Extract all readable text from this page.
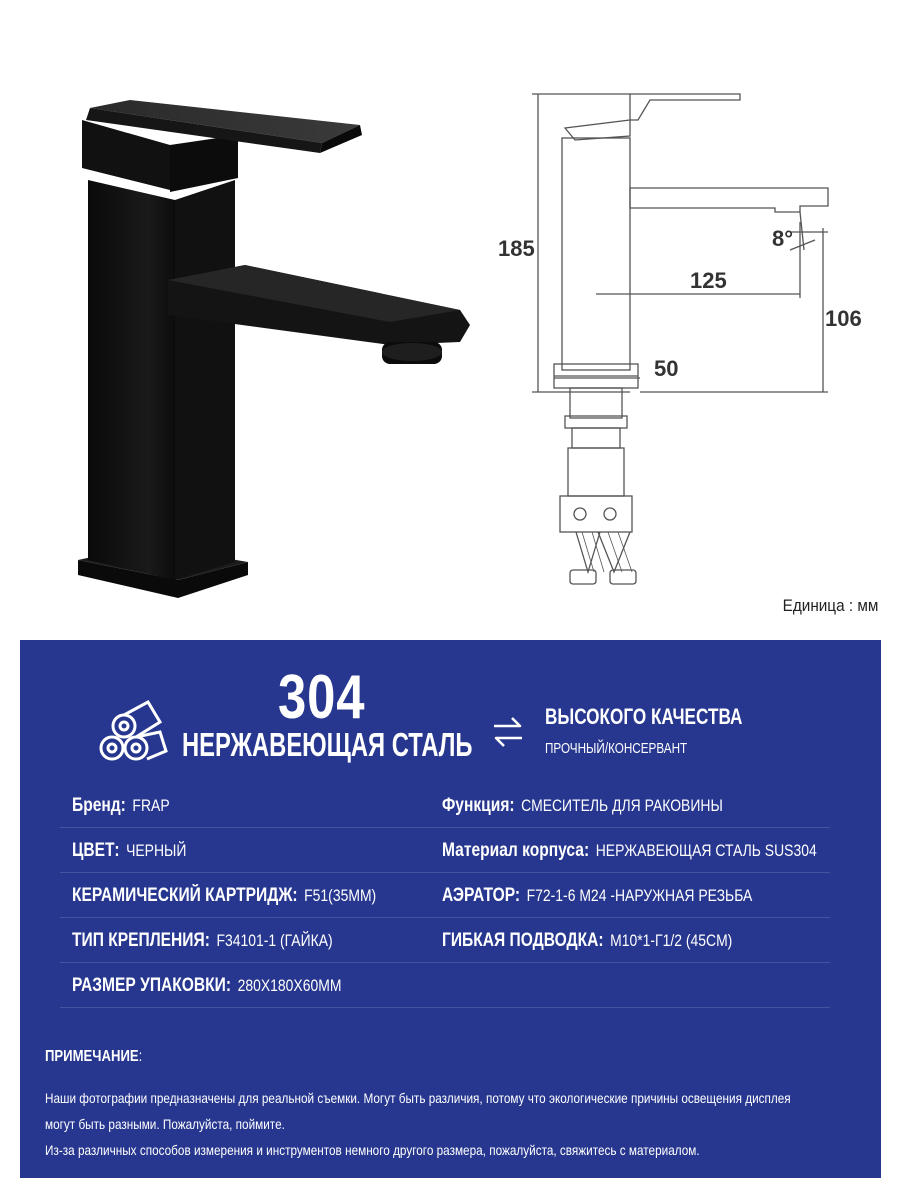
185
125
106
50
8°
Единица : мм
304
НЕРЖАВЕЮЩАЯ СТАЛЬ
ВЫСОКОГО КАЧЕСТВА
ПРОЧНЫЙ/КОНСЕРВАНТ
Бренд: FRAP	Функция: СМЕСИТЕЛЬ ДЛЯ РАКОВИНЫ
ЦВЕТ: ЧЕРНЫЙ	Материал корпуса: НЕРЖАВЕЮЩАЯ СТАЛЬ SUS304
КЕРАМИЧЕСКИЙ КАРТРИДЖ: F51(35MM)	АЭРАТОР: F72-1-6 M24 -НАРУЖНАЯ РЕЗЬБА
ТИП КРЕПЛЕНИЯ: F34101-1 (ГАЙКА)	ГИБКАЯ ПОДВОДКА: M10*1-Г1/2 (45CM)
РАЗМЕР УПАКОВКИ: 280X180X60MM
ПРИМЕЧАНИЕ:
Наши фотографии предназначены для реальной съемки. Могут быть различия, потому что экологические причины освещения дисплея
могут быть разными. Пожалуйста, поймите.
Из-за различных способов измерения и инструментов немного другого размера, пожалуйста, свяжитесь с материалом.
